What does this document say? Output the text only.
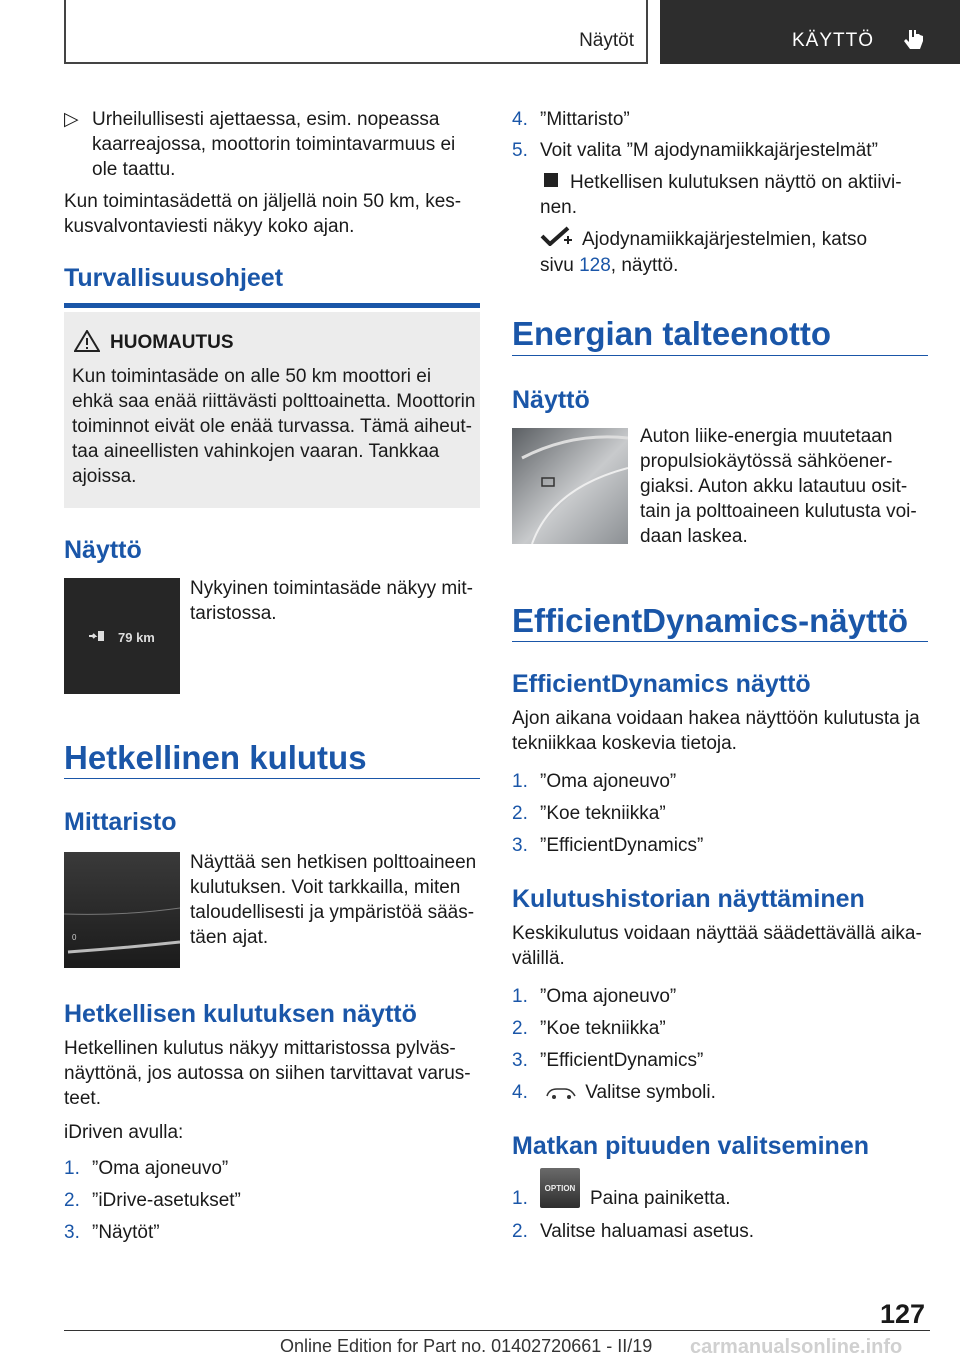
Näytöt	KÄYTTÖ
▷ Urheilullisesti ajettaessa, esim. nopeassa kaarreajossa, moottorin toimintavarmuus ei ole taattu.
Kun toimintasädettä on jäljellä noin 50 km, kes-kusvalvontaviesti näkyy koko ajan.
Turvallisuusohjeet
HUOMAUTUS
Kun toimintasäde on alle 50 km moottori ei ehkä saa enää riittävästi polttoainetta. Moottorin toiminnot eivät ole enää turvassa. Tämä aiheut-taa aineellisten vahinkojen vaaran. Tankkaa ajoissa.
Näyttö
79 km
Nykyinen toimintasäde näkyy mit-taristossa.
Hetkellinen kulutus
Mittaristo
0
Näyttää sen hetkisen polttoaineen kulutuksen. Voit tarkkailla, miten taloudellisesti ja ympäristöä sääs-täen ajat.
Hetkellisen kulutuksen näyttö
Hetkellinen kulutus näkyy mittaristossa pylväs-näyttönä, jos autossa on siihen tarvittavat varus-teet.
iDriven avulla:
1. ”Oma ajoneuvo”
2. ”iDrive-asetukset”
3. ”Näytöt”
4. ”Mittaristo”
5. Voit valita ”M ajodynamiikkajärjestelmät”
Hetkellisen kulutuksen näyttö on aktiivi-nen.
Ajodynamiikkajärjestelmien, katso
sivu 128, näyttö.
Energian talteenotto
Näyttö
Auton liike-energia muutetaan propulsiokäytössä sähköener-giaksi. Auton akku latautuu osit-tain ja polttoaineen kulutusta voi-daan laskea.
EfficientDynamics-näyttö
EfficientDynamics näyttö
Ajon aikana voidaan hakea näyttöön kulutusta ja tekniikkaa koskevia tietoja.
1. ”Oma ajoneuvo”
2. ”Koe tekniikka”
3. ”EfficientDynamics”
Kulutushistorian näyttäminen
Keskikulutus voidaan näyttää säädettävällä aika-välillä.
1. ”Oma ajoneuvo”
2. ”Koe tekniikka”
3. ”EfficientDynamics”
4.	Valitse symboli.
Matkan pituuden valitseminen
1.	OPTION Paina painiketta.
2. Valitse haluamasi asetus.
127
Online Edition for Part no. 01402720661 - II/19 carmanualsonline.info
